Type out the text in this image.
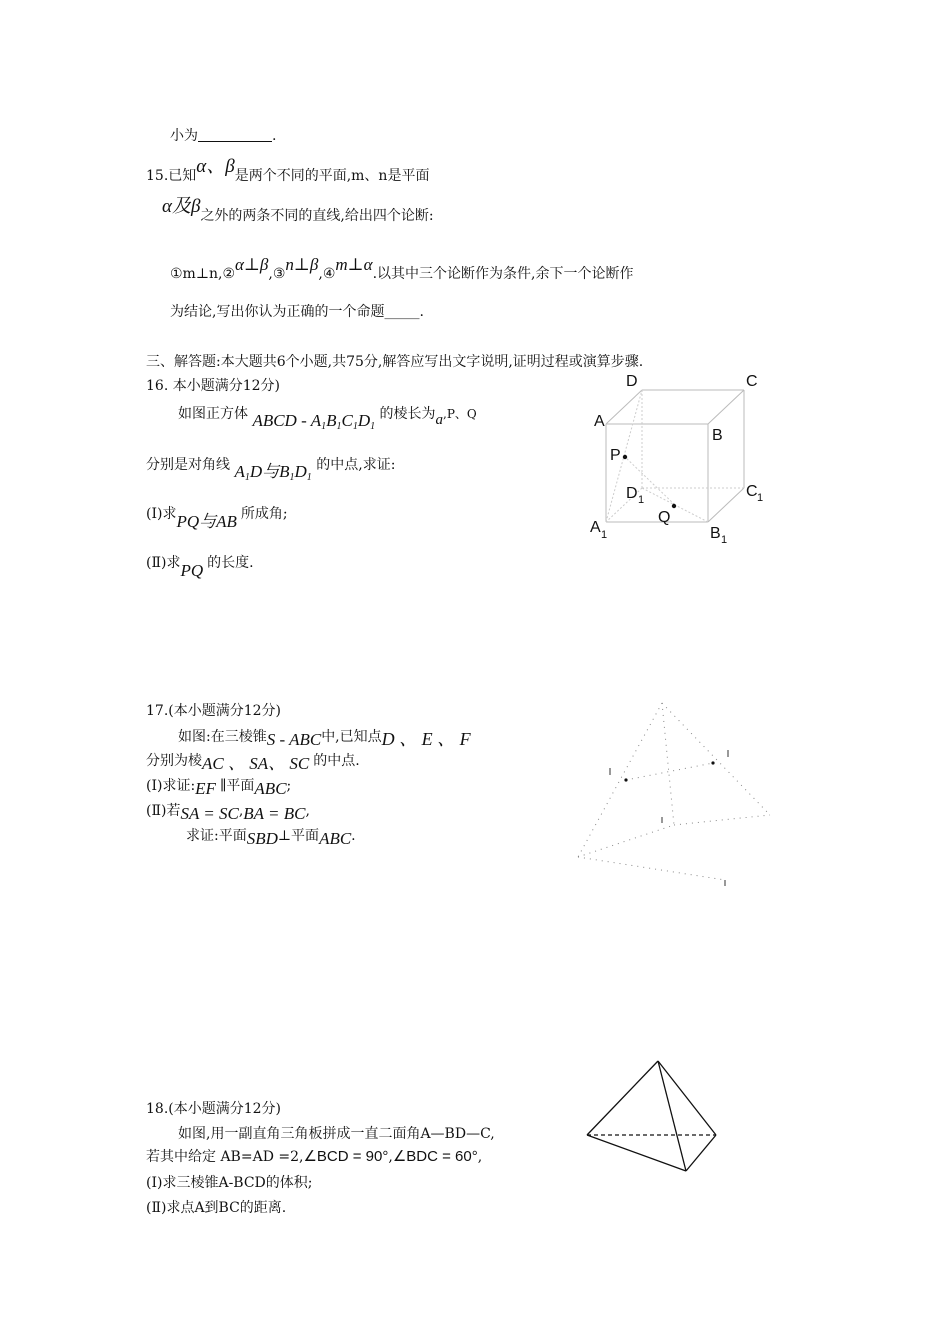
小为	.
15.已知α、β是两个不同的平面,m、n是平面
α及β之外的两条不同的直线,给出四个论断:
①m⊥n,②α⊥β,③n⊥β,④m⊥α.以其中三个论断作为条件,余下一个论断作
为结论,写出你认为正确的一个命题_____.
三、解答题:本大题共6个小题,共75分,解答应写出文字说明,证明过程或演算步骤.
16. 本小题满分12分)
如图正方体 ABCD - $A_1B_1C_1D_1$ 的棱长为a,P、Q
分别是对角线 $A_1D$与$B_1D_1$ 的中点,求证:
(Ⅰ)求PQ与AB 所成角;
(Ⅱ)求PQ 的长度.
D	C
A
B
P
D 1	C 1
Q
A 1	B 1
17.(本小题满分12分)
如图:在三棱锥S - ABC中,已知点D 、 E 、 F
分别为棱AC 、 SA、 SC 的中点.
(Ⅰ)求证:EF ∥平面ABC;
(Ⅱ)若SA = SC,BA = BC,
求证:平面SBD⊥平面ABC.
18.(本小题满分12分)
如图,用一副直角三角板拼成一直二面角A—BD—C,
若其中给定 AB=AD =2,∠BCD = 90°,∠BDC = 60°,
(Ⅰ)求三棱锥A-BCD的体积;
(Ⅱ)求点A到BC的距离.
